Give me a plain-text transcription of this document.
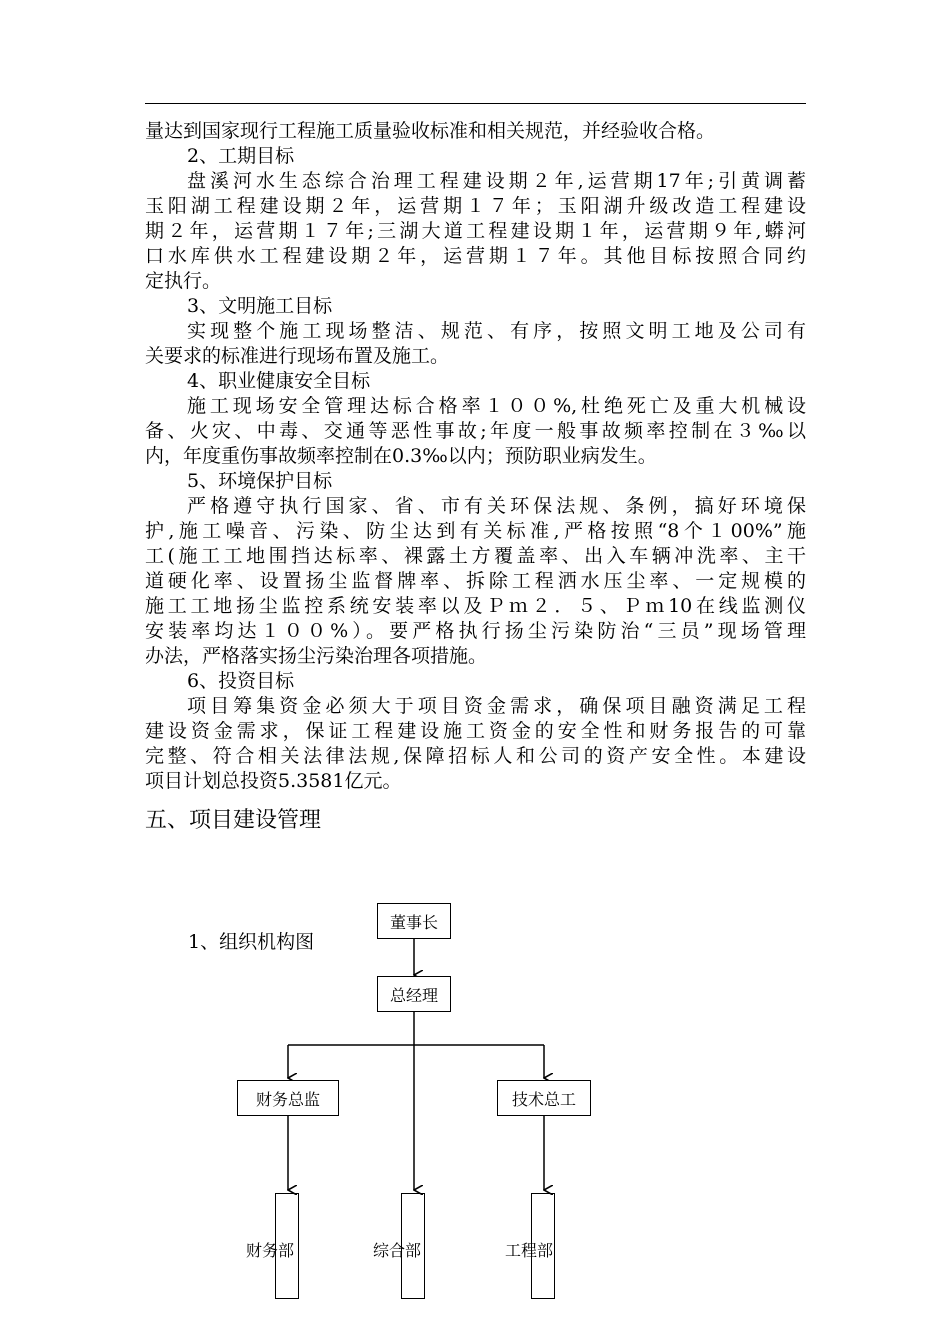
量达到国家现行工程施工质量验收标准和相关规范，并经验收合格。
2、工期目标
盘溪河水生态综合治理工程建设期２年,运营期17年;引黄调蓄
玉阳湖工程建设期２年，运营期１７年；玉阳湖升级改造工程建设
期２年，运营期１７年;三湖大道工程建设期１年，运营期９年,蟒河
口水库供水工程建设期２年，运营期１７年。其他目标按照合同约
定执行。
3、文明施工目标
实现整个施工现场整洁、规范、有序，按照文明工地及公司有
关要求的标准进行现场布置及施工。
4、职业健康安全目标
施工现场安全管理达标合格率１００%,杜绝死亡及重大机械设
备、火灾、中毒、交通等恶性事故;年度一般事故频率控制在３‰以
内，年度重伤事故频率控制在0.3‰以内；预防职业病发生。
5、环境保护目标
严格遵守执行国家、省、市有关环保法规、条例，搞好环境保
护,施工噪音、污染、防尘达到有关标准,严格按照“8个１00%”施
工(施工工地围挡达标率、裸露土方覆盖率、出入车辆冲洗率、主干
道硬化率、设置扬尘监督牌率、拆除工程洒水压尘率、一定规模的
施工工地扬尘监控系统安装率以及Ｐｍ２．５、Ｐｍ10在线监测仪
安装率均达１００%）。要严格执行扬尘污染防治“三员”现场管理
办法，严格落实扬尘污染治理各项措施。
6、投资目标
项目筹集资金必须大于项目资金需求，确保项目融资满足工程
建设资金需求，保证工程建设施工资金的安全性和财务报告的可靠
完整、符合相关法律法规,保障招标人和公司的资产安全性。本建设
项目计划总投资5.3581亿元。
五、项目建设管理
1、组织机构图
董事长
总经理
财务总监	技术总工
财务部	综合部	工程部
